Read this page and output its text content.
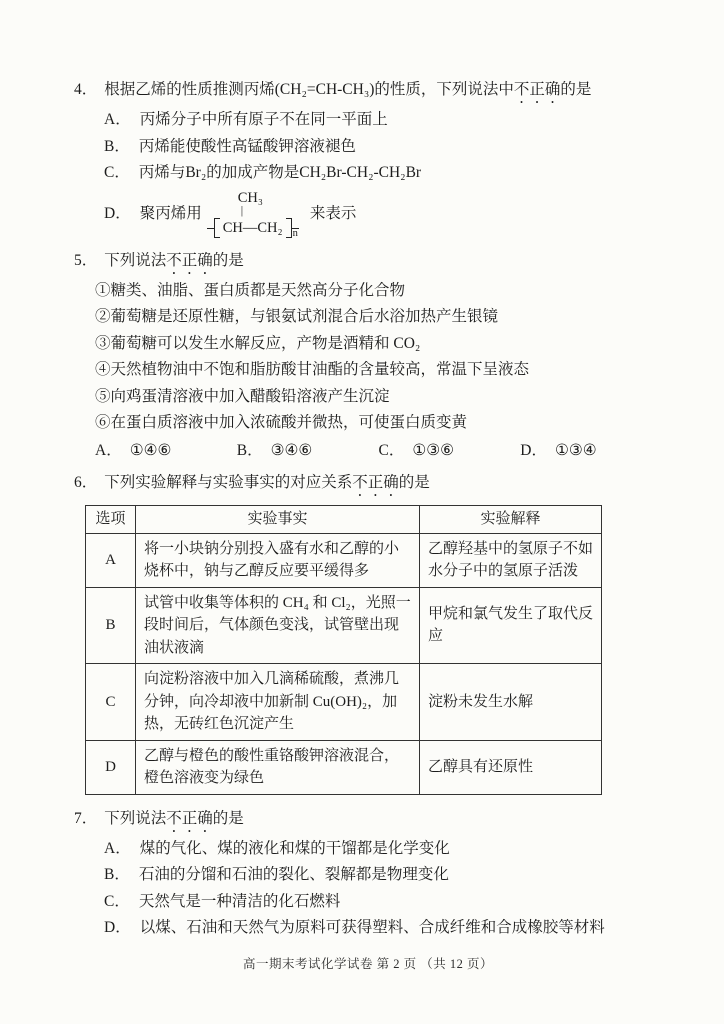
4． 根据乙烯的性质推测丙烯(CH₂=CH-CH₃)的性质，下列说法中不正确的是
A． 丙烯分子中所有原子不在同一平面上
B． 丙烯能使酸性高锰酸钾溶液褪色
C． 丙烯与Br₂的加成产物是CH₂Br-CH₂-CH₂Br
D． 聚丙烯用
CH₃
|
CH—CH₂ n
来表示
5． 下列说法不正确的是
①糖类、油脂、蛋白质都是天然高分子化合物
②葡萄糖是还原性糖，与银氨试剂混合后水浴加热产生银镜
③葡萄糖可以发生水解反应，产物是酒精和 CO₂
④天然植物油中不饱和脂肪酸甘油酯的含量较高，常温下呈液态
⑤向鸡蛋清溶液中加入醋酸铅溶液产生沉淀
⑥在蛋白质溶液中加入浓硫酸并微热，可使蛋白质变黄
A． ①④⑥	B． ③④⑥	C． ①③⑥	D． ①③④
6． 下列实验解释与实验事实的对应关系不正确的是
选项	实验事实	实验解释
A	将一小块钠分别投入盛有水和乙醇的小烧杯中，钠与乙醇反应要平缓得多	乙醇羟基中的氢原子不如水分子中的氢原子活泼
B	试管中收集等体积的 CH₄ 和 Cl₂，光照一段时间后，气体颜色变浅，试管壁出现油状液滴	甲烷和氯气发生了取代反应
C	向淀粉溶液中加入几滴稀硫酸，煮沸几分钟，向冷却液中加新制 Cu(OH)₂，加热，无砖红色沉淀产生	淀粉未发生水解
D	乙醇与橙色的酸性重铬酸钾溶液混合，橙色溶液变为绿色	乙醇具有还原性
7． 下列说法不正确的是
A． 煤的气化、煤的液化和煤的干馏都是化学变化
B． 石油的分馏和石油的裂化、裂解都是物理变化
C． 天然气是一种清洁的化石燃料
D． 以煤、石油和天然气为原料可获得塑料、合成纤维和合成橡胶等材料
高一期末考试化学试卷 第 2 页 （共 12 页）
